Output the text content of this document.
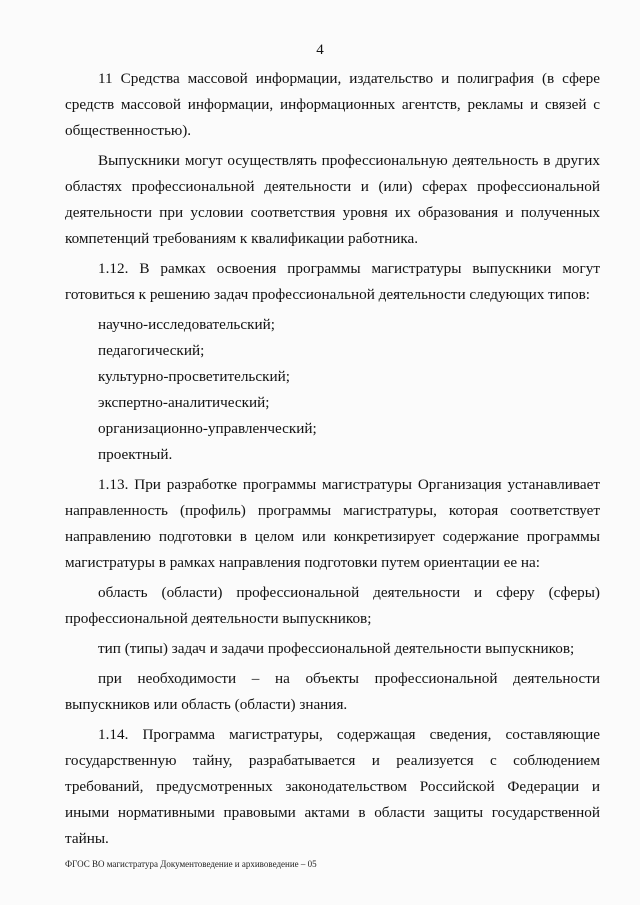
4

11 Средства массовой информации, издательство и полиграфия (в сфере средств массовой информации, информационных агентств, рекламы и связей с общественностью).

Выпускники могут осуществлять профессиональную деятельность в других областях профессиональной деятельности и (или) сферах профессиональной деятельности при условии соответствия уровня их образования и полученных компетенций требованиям к квалификации работника.

1.12. В рамках освоения программы магистратуры выпускники могут готовиться к решению задач профессиональной деятельности следующих типов:

научно-исследовательский;

педагогический;

культурно-просветительский;

экспертно-аналитический;

организационно-управленческий;

проектный.

1.13. При разработке программы магистратуры Организация устанавливает направленность (профиль) программы магистратуры, которая соответствует направлению подготовки в целом или конкретизирует содержание программы магистратуры в рамках направления подготовки путем ориентации ее на:

область (области) профессиональной деятельности и сферу (сферы) профессиональной деятельности выпускников;

тип (типы) задач и задачи профессиональной деятельности выпускников;

при необходимости – на объекты профессиональной деятельности выпускников или область (области) знания.

1.14. Программа магистратуры, содержащая сведения, составляющие государственную тайну, разрабатывается и реализуется с соблюдением требований, предусмотренных законодательством Российской Федерации и иными нормативными правовыми актами в области защиты государственной тайны.

ФГОС ВО магистратура Документоведение и архивоведение – 05
